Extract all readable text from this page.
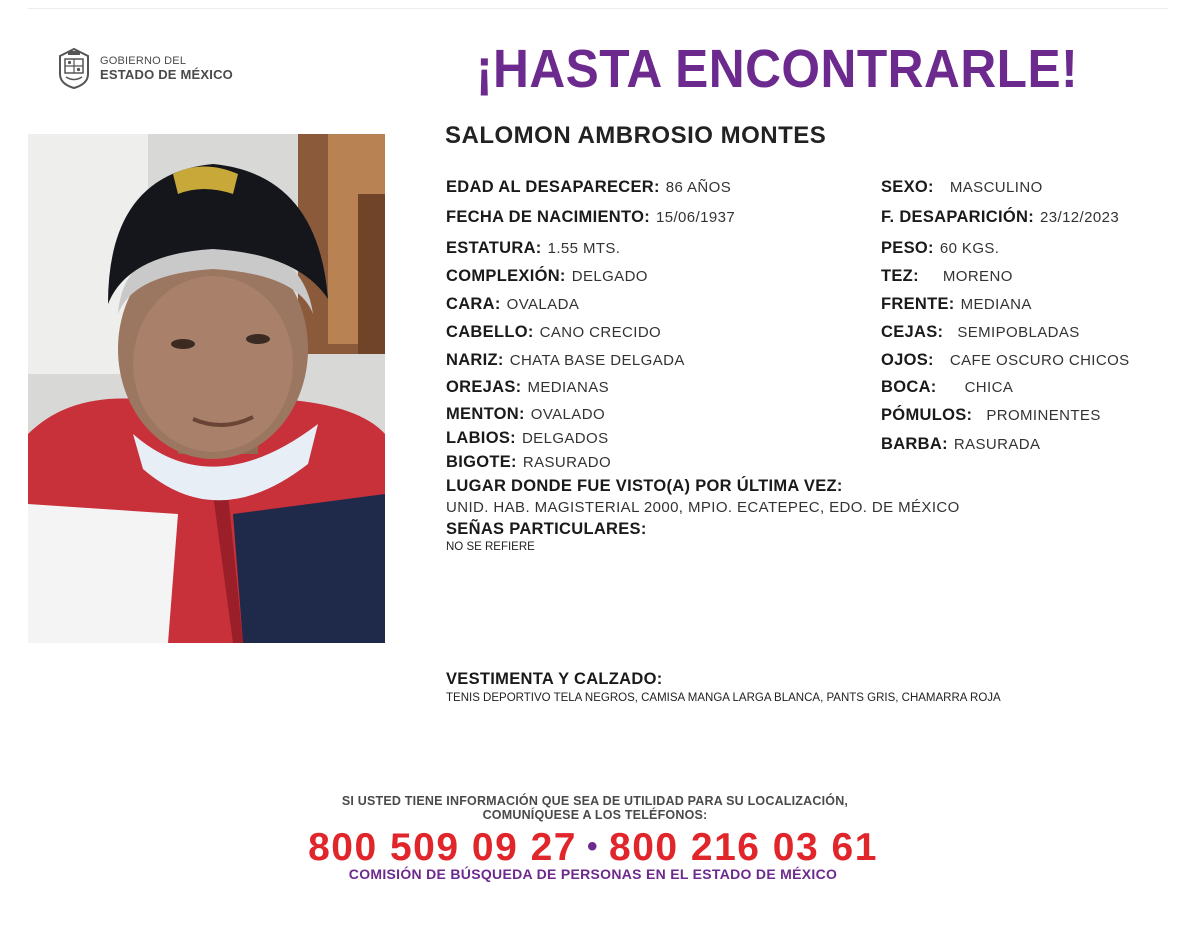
GOBIERNO DEL
ESTADO DE MÉXICO	¡HASTA ENCONTRARLE!
SALOMON AMBROSIO MONTES
EDAD AL DESAPARECER: 86 AÑOS
FECHA DE NACIMIENTO: 15/06/1937
ESTATURA: 1.55 MTS.
COMPLEXIÓN: DELGADO
CARA: OVALADA
CABELLO: CANO CRECIDO
NARIZ: CHATA BASE DELGADA
OREJAS: MEDIANAS
MENTON: OVALADO
LABIOS: DELGADOS
BIGOTE: RASURADO
SEXO: MASCULINO
F. DESAPARICIÓN: 23/12/2023
PESO: 60 KGS.
TEZ: MORENO
FRENTE: MEDIANA
CEJAS: SEMIPOBLADAS
OJOS: CAFE OSCURO CHICOS
BOCA: CHICA
PÓMULOS: PROMINENTES
BARBA: RASURADA
LUGAR DONDE FUE VISTO(A) POR ÚLTIMA VEZ:
UNID. HAB. MAGISTERIAL 2000, MPIO. ECATEPEC, EDO. DE MÉXICO
SEÑAS PARTICULARES:
NO SE REFIERE
VESTIMENTA Y CALZADO:
TENIS DEPORTIVO TELA NEGROS, CAMISA MANGA LARGA BLANCA, PANTS GRIS, CHAMARRA ROJA
SI USTED TIENE INFORMACIÓN QUE SEA DE UTILIDAD PARA SU LOCALIZACIÓN,
COMUNÍQUESE A LOS TELÉFONOS:
800 509 09 27 • 800 216 03 61
COMISIÓN DE BÚSQUEDA DE PERSONAS EN EL ESTADO DE MÉXICO
